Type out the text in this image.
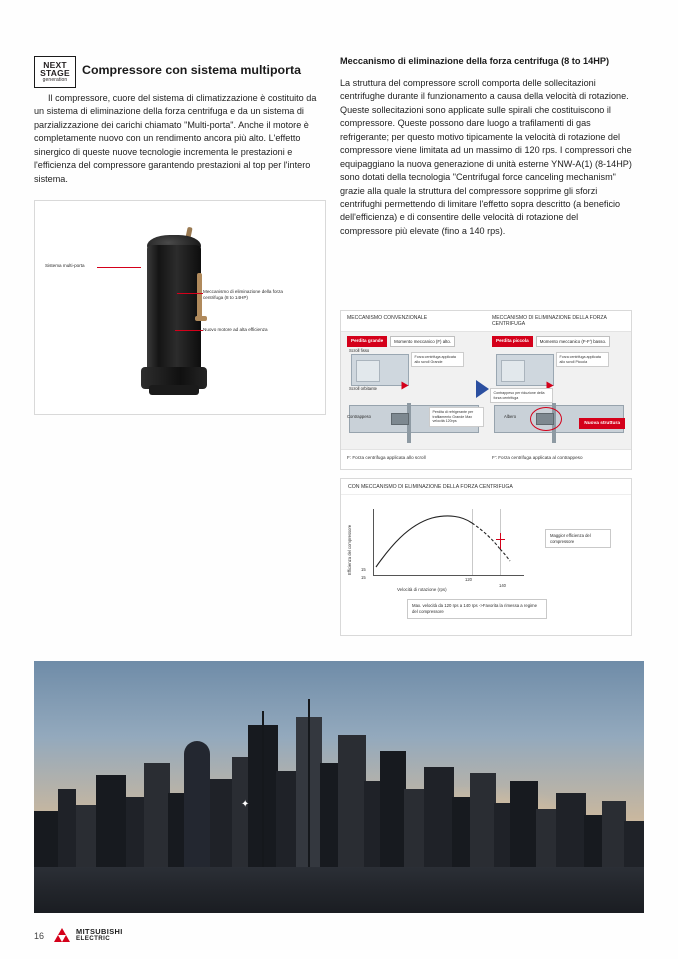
NEXT
STAGE
generation
Compressore con sistema multiporta
Il compressore, cuore del sistema di climatizzazione è costituito da un sistema di eliminazione della forza centrifuga e da un sistema di parzializzazione dei carichi chiamato "Multi-porta". Anche il motore è completamente nuovo con un rendimento ancora più alto. L'effetto sinergico di queste nuove tecnologie incrementa le prestazioni e l'efficienza del compressore garantendo prestazioni al top per l'intero sistema.
Sistema multi-porta
Meccanismo di eliminazione della forza centrifuga (8 to 14HP)
Nuovo motore ad alta efficienza
Meccanismo di eliminazione della forza centrifuga (8 to 14HP)
La struttura del compressore scroll comporta delle sollecitazioni centrifughe durante il funzionamento a causa della velocità di rotazione. Queste sollecitazioni sono applicate sulle spirali che costituiscono il compressore. Queste possono dare luogo a trafilamenti di gas refrigerante; per questo motivo tipicamente la velocità di rotazione del compressore viene limitata ad un massimo di 120 rps. I compressori che equipaggiano la nuova generazione di unità esterne YNW-A(1) (8-14HP) sono dotati della tecnologia "Centrifugal force canceling mechanism" grazie alla quale la struttura del compressore sopprime gli sforzi centrifughi permettendo di limitare l'effetto sopra descritto (a beneficio dell'efficienza) e di consentire delle velocità di rotazione del compressore più elevate (fino a 140 rps).
MECCANISMO CONVENZIONALE	MECCANISMO DI ELIMINAZIONE DELLA FORZA CENTRIFUGA
Perdita grande	Momento meccanico (F) alto.
Scroll fisso
Scroll orbitante
Forza centrifuga applicata allo scroll Grande
Contrappeso
Perdita di refrigerante per trafilamento Grande Max velocità 120rps
Perdita piccola	Momento meccanico (F-F') basso.
Forza centrifuga applicata allo scroll Piccola
Contrappeso per riduzione della forza centrifuga
Albero
Nuova struttura
F: Forza centrifuga applicata allo scroll	F': Forza centrifuga applicata al contrappeso
CON MECCANISMO DI ELIMINAZIONE DELLA FORZA CENTRIFUGA
Efficienza del compressore 15
15	120
140
Velocità di rotazione (rps)
Maggior efficienza del compressore
Max. velocità da 120 rps a 140 rps ->Favorita la rimessa a regime del compressore
✦
16	MITSUBISHI
ELECTRIC
